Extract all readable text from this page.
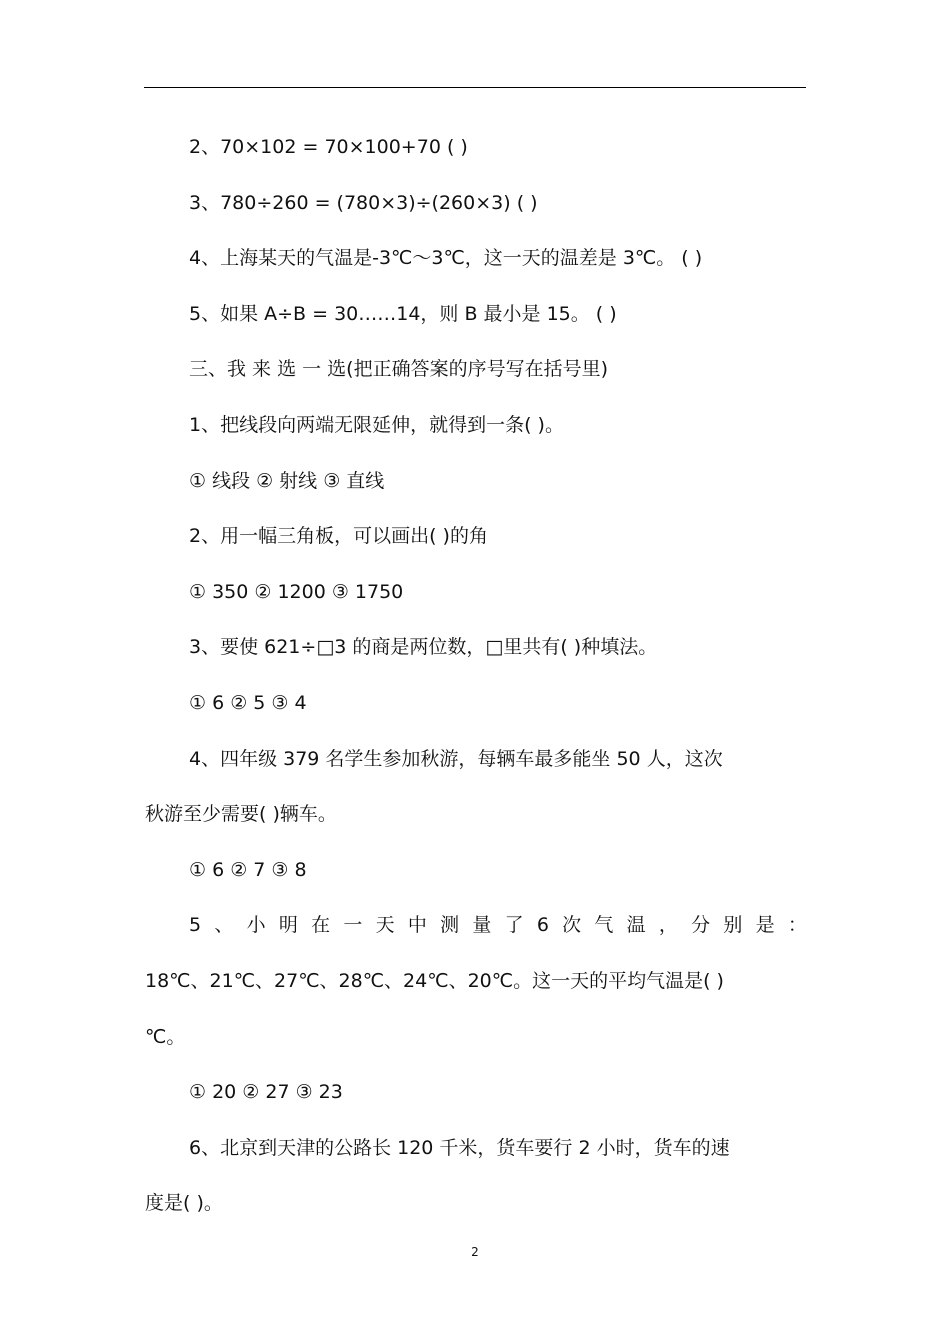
2、70×102 = 70×100+70 ( )
3、780÷260 = (780×3)÷(260×3) ( )
4、上海某天的气温是-3℃～3℃，这一天的温差是 3℃。 ( )
5、如果 A÷B = 30……14，则 B 最小是 15。 ( )
三、我 来 选 一 选(把正确答案的序号写在括号里)
1、把线段向两端无限延伸，就得到一条( )。
① 线段 ② 射线 ③ 直线
2、用一幅三角板，可以画出( )的角
① 350 ② 1200 ③ 1750
3、要使 621÷□3 的商是两位数，□里共有( )种填法。
① 6 ② 5 ③ 4
4、四年级 379 名学生参加秋游，每辆车最多能坐 50 人，这次
秋游至少需要( )辆车。
① 6 ② 7 ③ 8
5 、 小 明 在 一 天 中 测 量 了 6 次 气 温 ， 分 别 是 ：
18℃、21℃、27℃、28℃、24℃、20℃。这一天的平均气温是( )
℃。
① 20 ② 27 ③ 23
6、北京到天津的公路长 120 千米，货车要行 2 小时，货车的速
度是( )。
2
